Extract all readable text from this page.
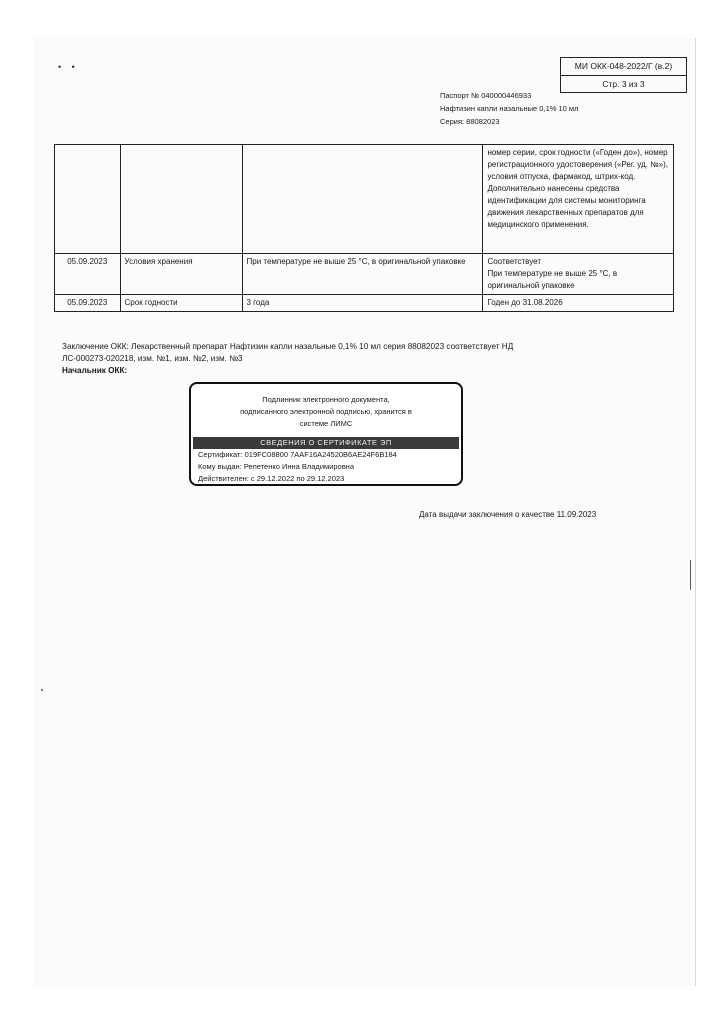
• •	МИ ОКК-048-2022/Г (в.2)
Стр. 3 из 3
Паспорт № 040000446933
Нафтизин капли назальные 0,1% 10 мл
Серия: 88082023
			номер серии, срок годности («Годен до»), номер регистрационного удостоверения («Рег. уд. №»), условия отпуска, фармакод, штрих-код. Дополнительно нанесены средства идентификации для системы мониторинга движения лекарственных препаратов для медицинского применения.
05.09.2023	Условия хранения	При температуре не выше 25 °С, в оригинальной упаковке	Соответствует
При температуре не выше 25 °С, в оригинальной упаковке

05.09.2023	Срок годности	3 года	Годен до 31.08.2026
Заключение ОКК: Лекарственный препарат Нафтизин капли назальные 0,1% 10 мл серия 88082023 соответствует НД
ЛС-000273-020218, изм. №1, изм. №2, изм. №3
Начальник ОКК:
Подлинник электронного документа,
подписанного электронной подписью, хранится в
системе ЛИМС
СВЕДЕНИЯ О СЕРТИФИКАТЕ ЭП
Сертификат: 019FC08800 7AAF16A24520B6AE24F6B184
Кому выдан: Репетенко Инна Владимировна
Действителен: с 29.12.2022 по 29.12.2023
Дата выдачи заключения о качестве 11.09.2023
